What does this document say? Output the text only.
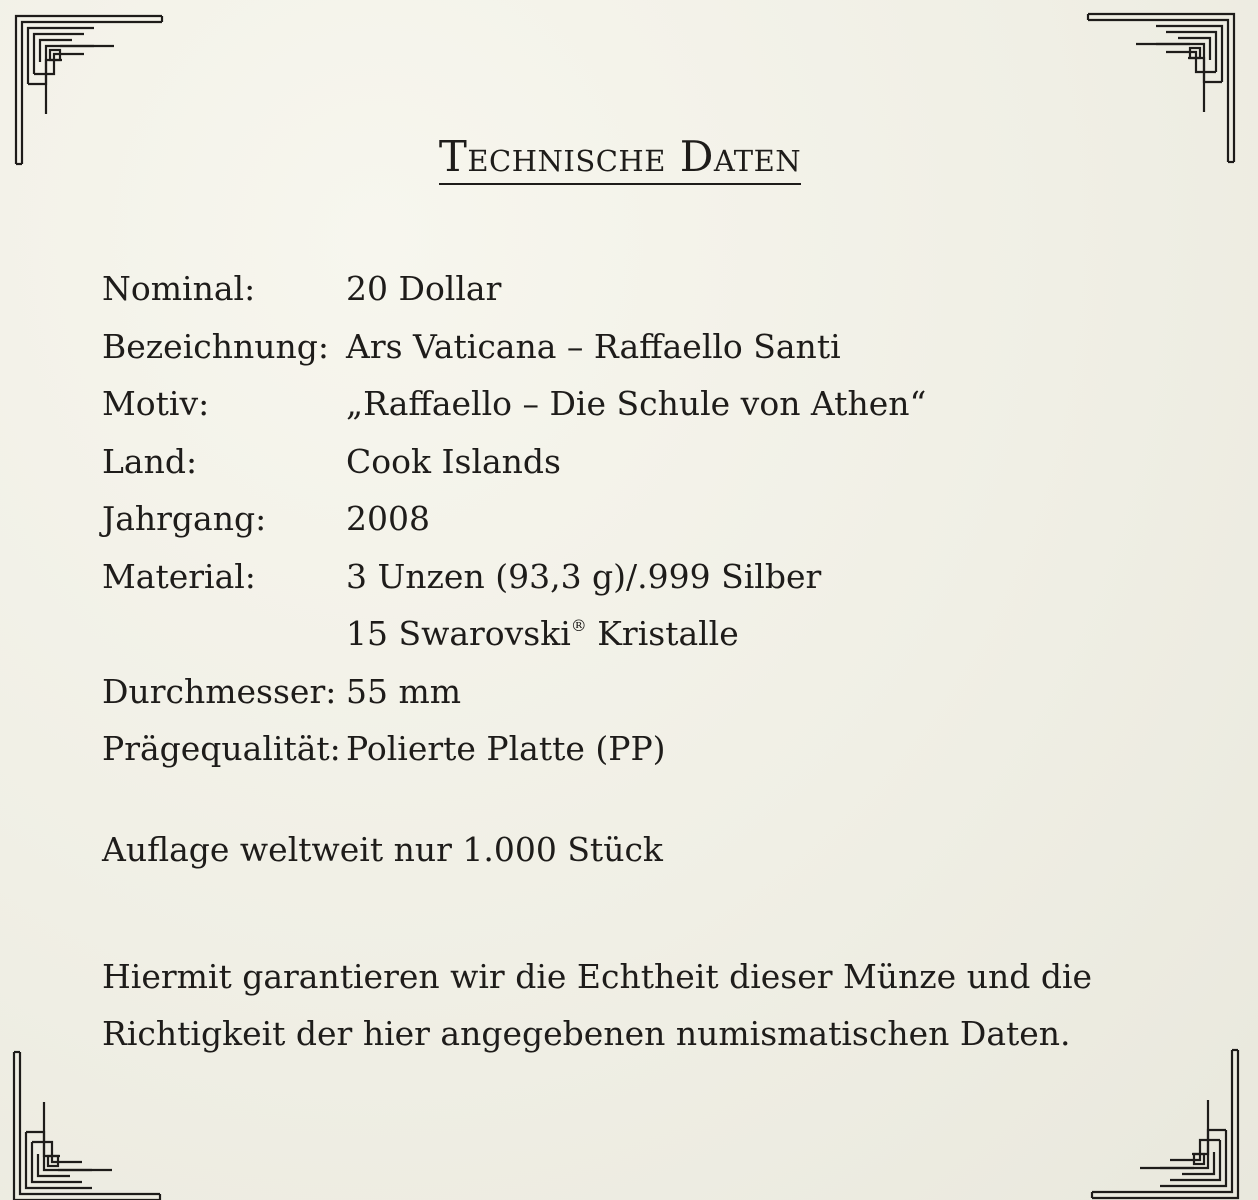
Technische Daten
Nominal:	20 Dollar
Bezeichnung: Ars Vaticana – Raffaello Santi
Motiv:	„Raffaello – Die Schule von Athen“
Land:	Cook Islands
Jahrgang:	2008
Material:	3 Unzen (93,3 g)/.999 Silber
15 Swarovski® Kristalle
Durchmesser: 55 mm
Prägequalität: Polierte Platte (PP)
Auflage weltweit nur 1.000 Stück
Hiermit garantieren wir die Echtheit dieser Münze und die Richtigkeit der hier angegebenen numismatischen Daten.
